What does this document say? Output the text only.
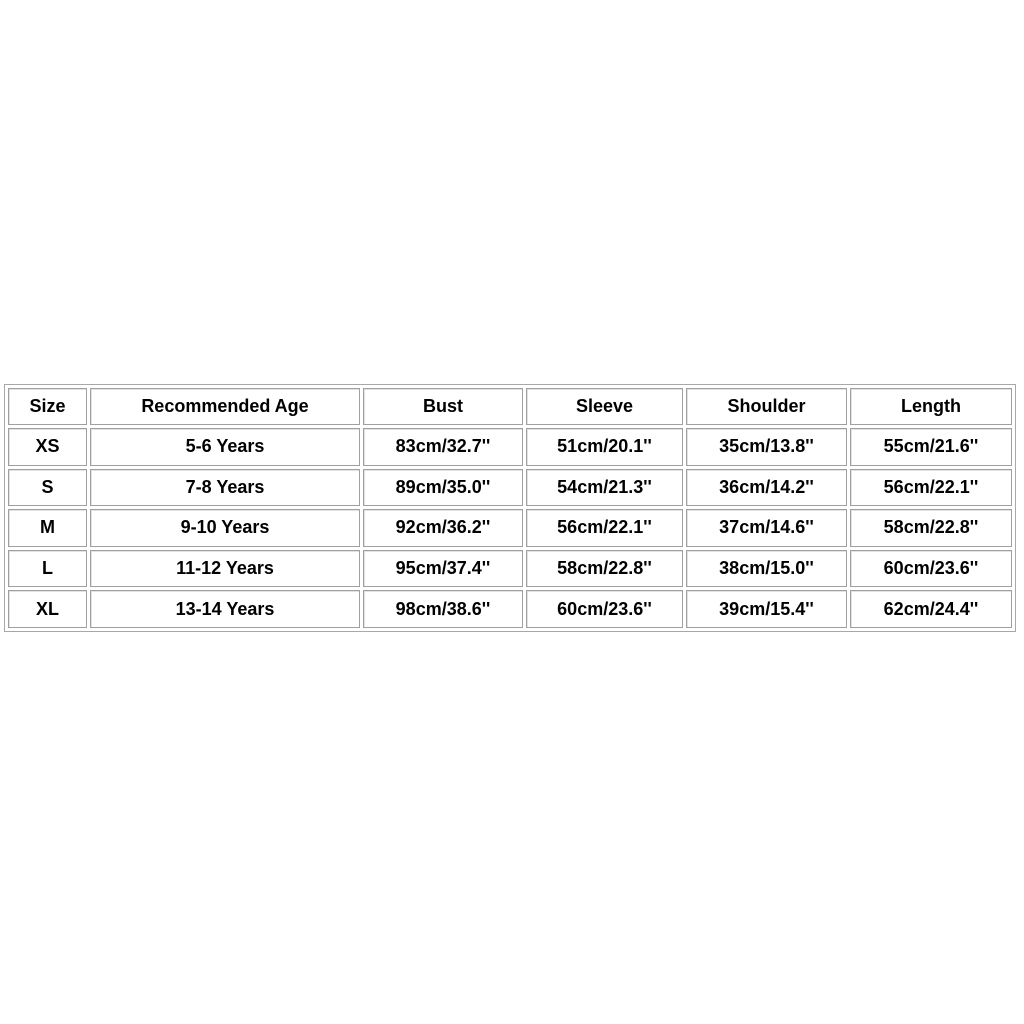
Size	Recommended Age	Bust	Sleeve	Shoulder	Length
XS	5-6 Years	83cm/32.7''	51cm/20.1''	35cm/13.8''	55cm/21.6''
S	7-8 Years	89cm/35.0''	54cm/21.3''	36cm/14.2''	56cm/22.1''
M	9-10 Years	92cm/36.2''	56cm/22.1''	37cm/14.6''	58cm/22.8''
L	11-12 Years	95cm/37.4''	58cm/22.8''	38cm/15.0''	60cm/23.6''
XL	13-14 Years	98cm/38.6''	60cm/23.6''	39cm/15.4''	62cm/24.4''
